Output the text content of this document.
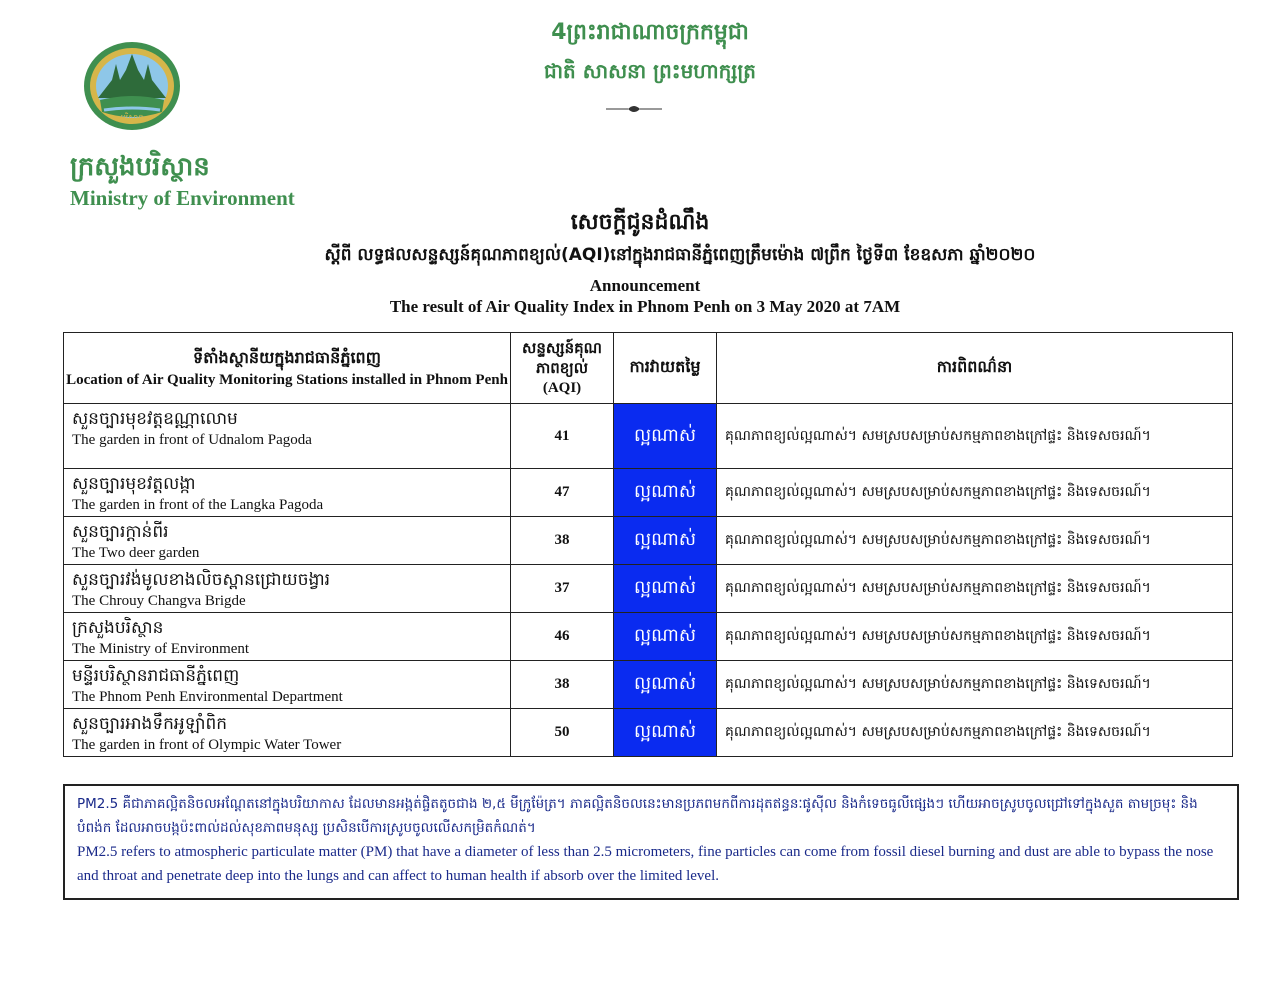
បរិស្ថាន
ក្រសួងបរិស្ថាន
Ministry of Environment
4ព្រះរាជាណាចក្រកម្ពុជា
ជាតិ សាសនា ព្រះមហាក្សត្រ
សេចក្ដីជូនដំណឹង
ស្ដីពី លទ្ធផលសន្ទស្សន៍គុណភាពខ្យល់(AQI)នៅក្នុងរាជធានីភ្នំពេញត្រឹមម៉ោង ៧ព្រឹក ថ្ងៃទី៣ ខែឧសភា ឆ្នាំ២០២០
Announcement
The result of Air Quality Index in Phnom Penh on 3 May 2020 at 7AM
ទីតាំងស្ថានីយក្នុងរាជធានីភ្នំពេញ
Location of Air Quality Monitoring Stations installed in Phnom Penh	សន្ទស្សន៍គុណភាពខ្យល់
(AQI)	ការវាយតម្លៃ	ការពិពណ៌នា

សួនច្បារមុខវត្តឧណ្ណាលោម
The garden in front of Udnalom Pagoda	41	ល្អណាស់	គុណភាពខ្យល់ល្អណាស់។ សមស្របសម្រាប់សកម្មភាពខាងក្រៅផ្ទះ និងទេសចរណ៍។

សួនច្បារមុខវត្តលង្កា
The garden in front of the Langka Pagoda	47	ល្អណាស់	គុណភាពខ្យល់ល្អណាស់។ សមស្របសម្រាប់សកម្មភាពខាងក្រៅផ្ទះ និងទេសចរណ៍។

សួនច្បារក្តាន់ពីរ
The Two deer garden	38	ល្អណាស់	គុណភាពខ្យល់ល្អណាស់។ សមស្របសម្រាប់សកម្មភាពខាងក្រៅផ្ទះ និងទេសចរណ៍។

សួនច្បារវង់មូលខាងលិចស្ពានជ្រោយចង្វារ
The Chrouy Changva Brigde	37	ល្អណាស់	គុណភាពខ្យល់ល្អណាស់។ សមស្របសម្រាប់សកម្មភាពខាងក្រៅផ្ទះ និងទេសចរណ៍។

ក្រសួងបរិស្ថាន
The Ministry of Environment	46	ល្អណាស់	គុណភាពខ្យល់ល្អណាស់។ សមស្របសម្រាប់សកម្មភាពខាងក្រៅផ្ទះ និងទេសចរណ៍។

មន្ទីរបរិស្ថានរាជធានីភ្នំពេញ
The Phnom Penh Environmental Department	38	ល្អណាស់	គុណភាពខ្យល់ល្អណាស់។ សមស្របសម្រាប់សកម្មភាពខាងក្រៅផ្ទះ និងទេសចរណ៍។

សួនច្បារអាងទឹកអូឡាំពិក
The garden in front of Olympic Water Tower	50	ល្អណាស់	គុណភាពខ្យល់ល្អណាស់។ សមស្របសម្រាប់សកម្មភាពខាងក្រៅផ្ទះ និងទេសចរណ៍។
PM2.5 គឺជាភាគល្អិតនិចលអណ្តែតនៅក្នុងបរិយាកាស ដែលមានអង្កត់ផ្ចិតតូចជាង ២,៥ មីក្រូម៉ែត្រ។ ភាគល្អិតនិចលនេះមានប្រភពមកពីការដុតឥន្ធនៈផូស៊ីល និងកំទេចធូលីផ្សេងៗ ហើយអាចស្រូបចូលជ្រៅទៅក្នុងសួត តាមច្រមុះ និងបំពង់ក ដែលអាចបង្កប៉ះពាល់ដល់សុខភាពមនុស្ស ប្រសិនបើការស្រូបចូលលើសកម្រិតកំណត់។
PM2.5 refers to atmospheric particulate matter (PM) that have a diameter of less than 2.5 micrometers, fine particles can come from fossil diesel burning and dust are able to bypass the nose and throat and penetrate deep into the lungs and can affect to human health if absorb over the limited level.
